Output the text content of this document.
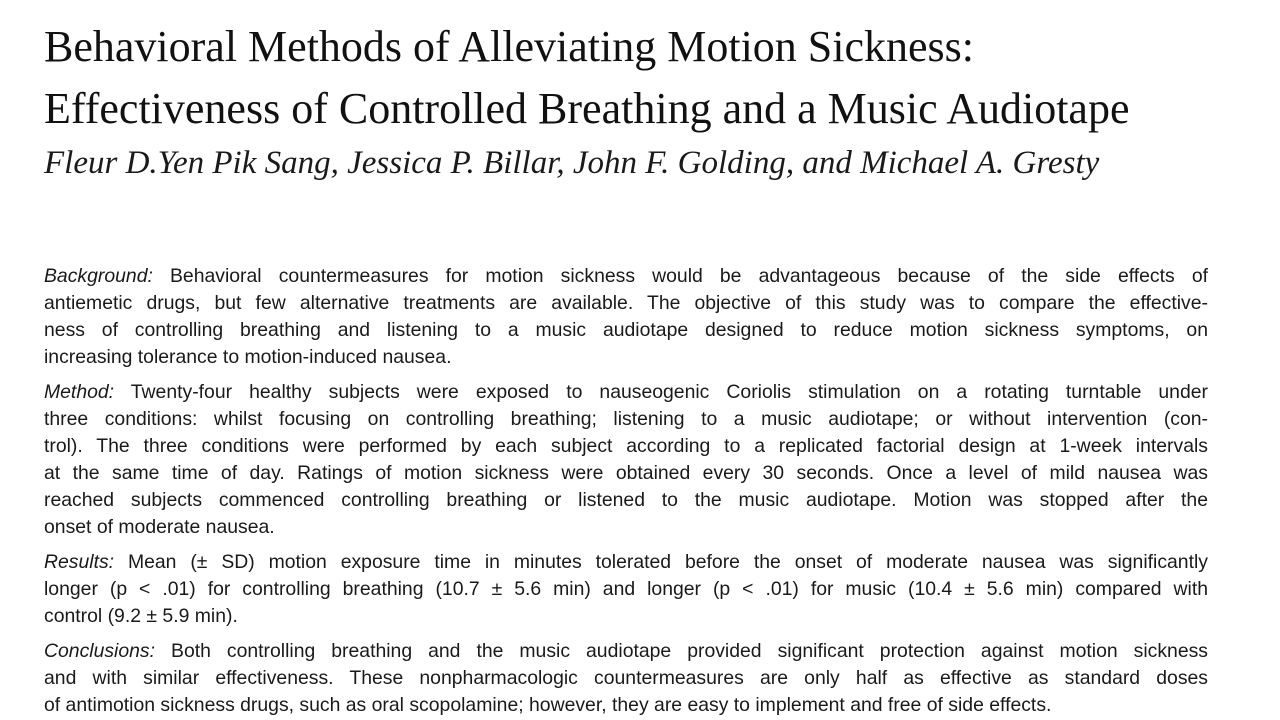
Behavioral Methods of Alleviating Motion Sickness:
Effectiveness of Controlled Breathing and a Music Audiotape

Fleur D.Yen Pik Sang, Jessica P. Billar, John F. Golding, and Michael A. Gresty

Background: Behavioral countermeasures for motion sickness would be advantageous because of the side effects of
antiemetic drugs, but few alternative treatments are available. The objective of this study was to compare the effective-
ness of controlling breathing and listening to a music audiotape designed to reduce motion sickness symptoms, on
increasing tolerance to motion-induced nausea.

Method: Twenty-four healthy subjects were exposed to nauseogenic Coriolis stimulation on a rotating turntable under
three conditions: whilst focusing on controlling breathing; listening to a music audiotape; or without intervention (con-
trol). The three conditions were performed by each subject according to a replicated factorial design at 1-week intervals
at the same time of day. Ratings of motion sickness were obtained every 30 seconds. Once a level of mild nausea was
reached subjects commenced controlling breathing or listened to the music audiotape. Motion was stopped after the
onset of moderate nausea.

Results: Mean (± SD) motion exposure time in minutes tolerated before the onset of moderate nausea was significantly
longer (p < .01) for controlling breathing (10.7 ± 5.6 min) and longer (p < .01) for music (10.4 ± 5.6 min) compared with
control (9.2 ± 5.9 min).

Conclusions: Both controlling breathing and the music audiotape provided significant protection against motion sickness
and with similar effectiveness. These nonpharmacologic countermeasures are only half as effective as standard doses
of antimotion sickness drugs, such as oral scopolamine; however, they are easy to implement and free of side effects.
